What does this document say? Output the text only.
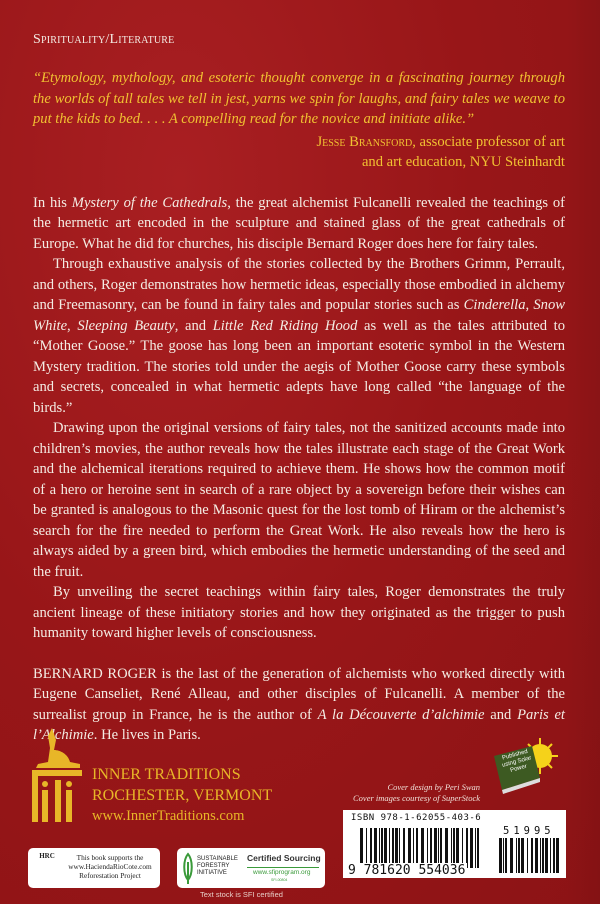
Spirituality/Literature
“Etymology, mythology, and esoteric thought converge in a fascinating journey through the worlds of tall tales we tell in jest, yarns we spin for laughs, and fairy tales we weave to put the kids to bed. . . . A compelling read for the novice and initiate alike.”
Jesse Bransford, associate professor of art
and art education, NYU Steinhardt

In his Mystery of the Cathedrals, the great alchemist Fulcanelli revealed the teachings of the hermetic art encoded in the sculpture and stained glass of the great cathedrals of Europe. What he did for churches, his disciple Bernard Roger does here for fairy tales.

Through exhaustive analysis of the stories collected by the Brothers Grimm, Perrault, and others, Roger demonstrates how hermetic ideas, especially those embodied in alchemy and Freemasonry, can be found in fairy tales and popular stories such as Cinderella, Snow White, Sleeping Beauty, and Little Red Riding Hood as well as the tales attributed to “Mother Goose.” The goose has long been an important esoteric symbol in the Western Mystery tradition. The stories told under the aegis of Mother Goose carry these symbols and secrets, concealed in what hermetic adepts have long called “the language of the birds.”

Drawing upon the original versions of fairy tales, not the sanitized accounts made into children’s movies, the author reveals how the tales illustrate each stage of the Great Work and the alchemical iterations required to achieve them. He shows how the common motif of a hero or heroine sent in search of a rare object by a sovereign before their wishes can be granted is analogous to the Masonic quest for the lost tomb of Hiram or the alchemist’s search for the fire needed to perform the Great Work. He also reveals how the hero is always aided by a green bird, which embodies the hermetic understanding of the seed and the fruit.

By unveiling the secret teachings within fairy tales, Roger demonstrates the truly ancient lineage of these initiatory stories and how they originated as the trigger to push humanity toward higher levels of consciousness.

BERNARD ROGER is the last of the generation of alchemists who worked directly with Eugene Canseliet, René Alleau, and other disciples of Fulcanelli. A member of the surrealist group in France, he is the author of A la Découverte d’alchimie and Paris et l’Alchimie. He lives in Paris.
INNER TRADITIONS
ROCHESTER, VERMONT
www.InnerTraditions.com
Cover design by Peri Swan
Cover images courtesy of SuperStock
Published using Solar Power
ISBN 978-1-62055-403-6
51995
9 781620 554036
HRC	This book supports the
www.HaciendaRioCote.com
Reforestation Project
SUSTAINABLE FORESTRY INITIATIVE
Certified Sourcing
www.sfiprogram.org
SFI-00804
Text stock is SFI certified
